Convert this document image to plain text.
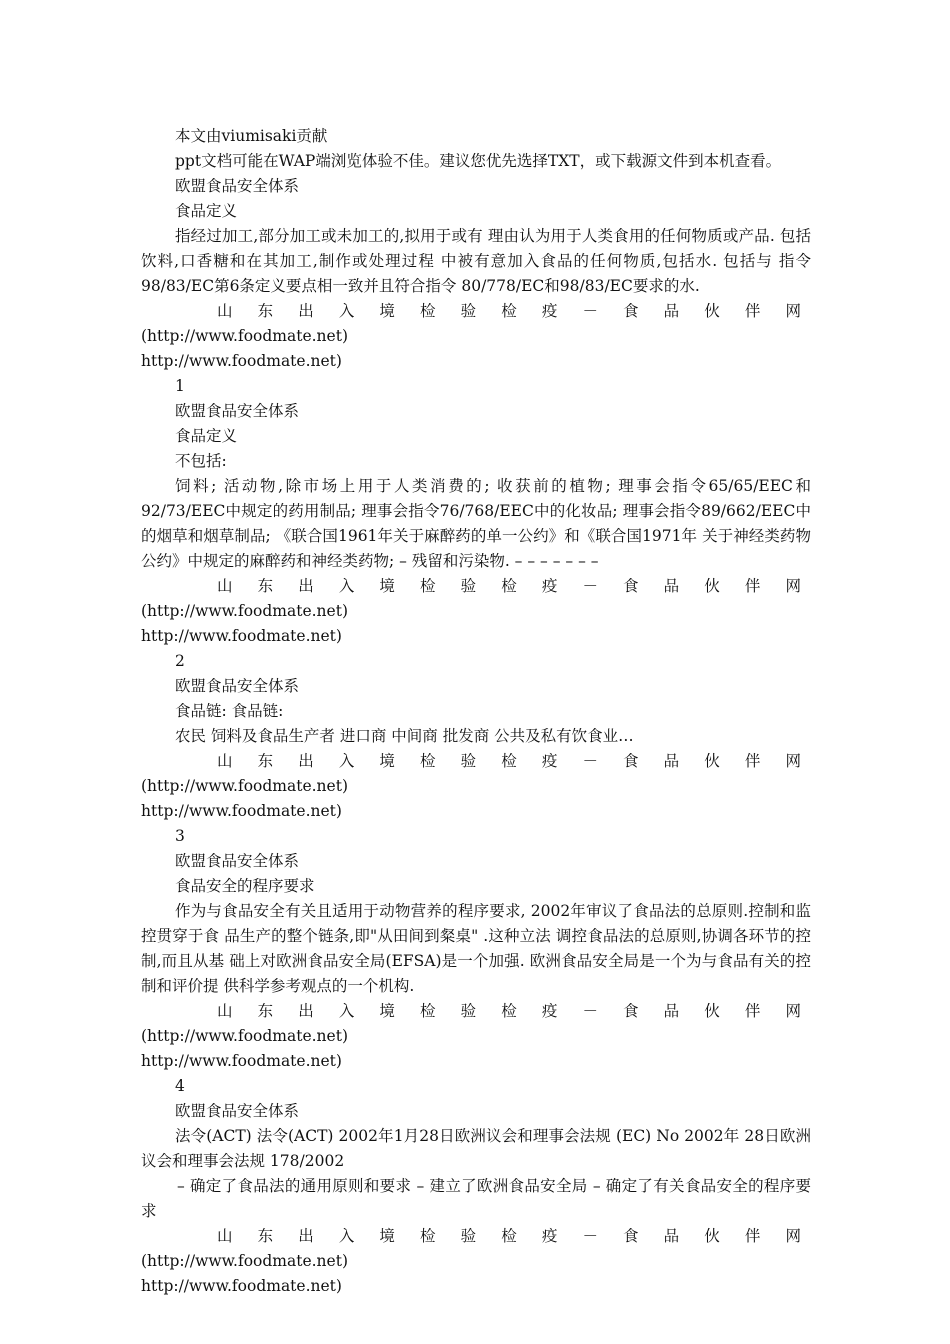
本文由viumisaki贡献

ppt文档可能在WAP端浏览体验不佳。建议您优先选择TXT，或下载源文件到本机查看。

欧盟食品安全体系

食品定义

指经过加工,部分加工或未加工的,拟用于或有 理由认为用于人类食用的任何物质或产品. 包括饮料,口香糖和在其加工,制作或处理过程 中被有意加入食品的任何物质,包括水. 包括与 指令98/83/EC第6条定义要点相一致并且符合指令 80/778/EC和98/83/EC要求的水.

山东出入境检验检疫－食品伙伴网 (http://www.foodmate.net)

http://www.foodmate.net)

1

欧盟食品安全体系

食品定义

不包括:

饲料; 活动物,除市场上用于人类消费的; 收获前的植物; 理事会指令65/65/EEC和92/73/EEC中规定的药用制品; 理事会指令76/768/EEC中的化妆品; 理事会指令89/662/EEC中的烟草和烟草制品; 《联合国1961年关于麻醉药的单一公约》和《联合国1971年 关于神经类药物公约》中规定的麻醉药和神经类药物; – 残留和污染物. – – – – – – –

山东出入境检验检疫－食品伙伴网 (http://www.foodmate.net)

http://www.foodmate.net)

2

欧盟食品安全体系

食品链: 食品链:

农民 饲料及食品生产者 进口商 中间商 批发商 公共及私有饮食业…

山东出入境检验检疫－食品伙伴网 (http://www.foodmate.net)

http://www.foodmate.net)

3

欧盟食品安全体系

食品安全的程序要求

作为与食品安全有关且适用于动物营养的程序要求, 2002年审议了食品法的总原则.控制和监控贯穿于食 品生产的整个链条,即"从田间到粲桌" .这种立法 调控食品法的总原则,协调各环节的控制,而且从基 础上对欧洲食品安全局(EFSA)是一个加强. 欧洲食品安全局是一个为与食品有关的控制和评价提 供科学参考观点的一个机构.

山东出入境检验检疫－食品伙伴网 (http://www.foodmate.net)

http://www.foodmate.net)

4

欧盟食品安全体系

法令(ACT) 法令(ACT) 2002年1月28日欧洲议会和理事会法规 (EC) No 2002年 28日欧洲议会和理事会法规 178/2002

– 确定了食品法的通用原则和要求 – 建立了欧洲食品安全局 – 确定了有关食品安全的程序要求

山东出入境检验检疫－食品伙伴网 (http://www.foodmate.net)

http://www.foodmate.net)
